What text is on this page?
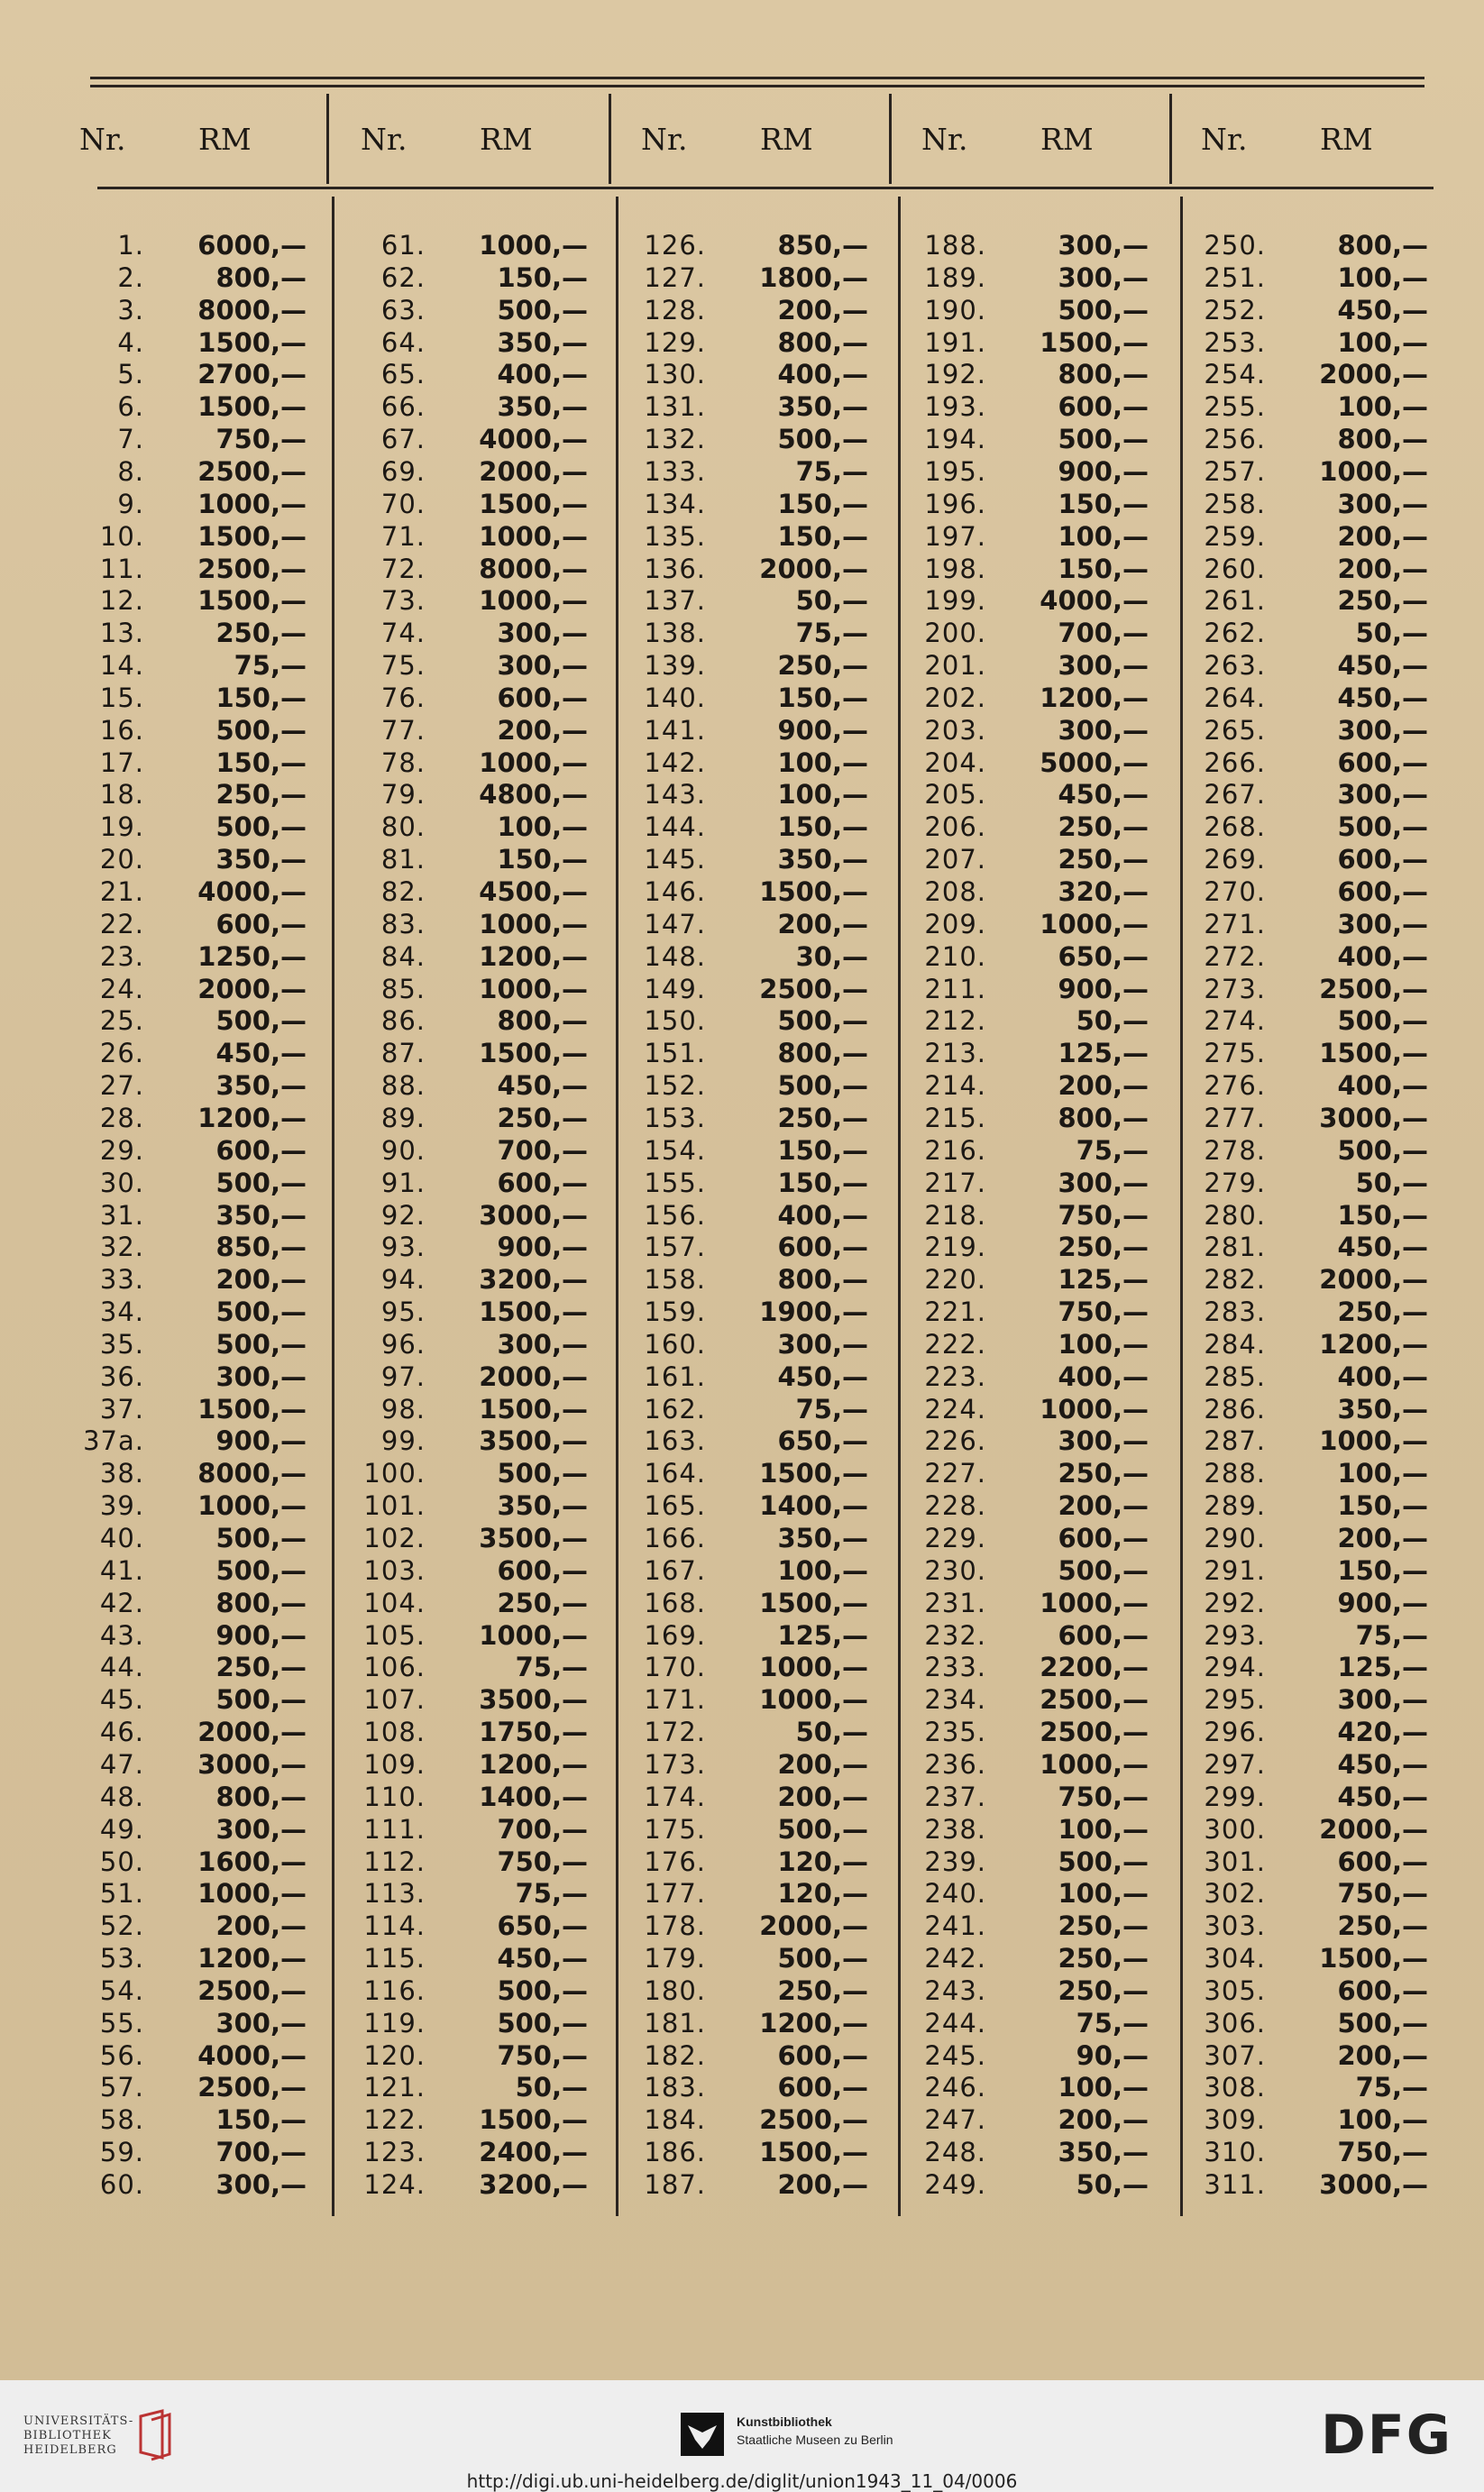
Nr. RM	Nr. RM	Nr. RM	Nr. RM	Nr. RM
1.	6000,—
2.	800,—
3.	8000,—
4.	1500,—
5.	2700,—
6.	1500,—
7.	750,—
8.	2500,—
9.	1000,—
10.	1500,—
11.	2500,—
12.	1500,—
13.	250,—
14.	75,—
15.	150,—
16.	500,—
17.	150,—
18.	250,—
19.	500,—
20.	350,—
21.	4000,—
22.	600,—
23.	1250,—
24.	2000,—
25.	500,—
26.	450,—
27.	350,—
28.	1200,—
29.	600,—
30.	500,—
31.	350,—
32.	850,—
33.	200,—
34.	500,—
35.	500,—
36.	300,—
37.	1500,—
37a.	900,—
38.	8000,—
39.	1000,—
40.	500,—
41.	500,—
42.	800,—
43.	900,—
44.	250,—
45.	500,—
46.	2000,—
47.	3000,—
48.	800,—
49.	300,—
50.	1600,—
51.	1000,—
52.	200,—
53.	1200,—
54.	2500,—
55.	300,—
56.	4000,—
57.	2500,—
58.	150,—
59.	700,—
60.	300,—
61.	1000,—
62.	150,—
63.	500,—
64.	350,—
65.	400,—
66.	350,—
67.	4000,—
69.	2000,—
70.	1500,—
71.	1000,—
72.	8000,—
73.	1000,—
74.	300,—
75.	300,—
76.	600,—
77.	200,—
78.	1000,—
79.	4800,—
80.	100,—
81.	150,—
82.	4500,—
83.	1000,—
84.	1200,—
85.	1000,—
86.	800,—
87.	1500,—
88.	450,—
89.	250,—
90.	700,—
91.	600,—
92.	3000,—
93.	900,—
94.	3200,—
95.	1500,—
96.	300,—
97.	2000,—
98.	1500,—
99.	3500,—
100.	500,—
101.	350,—
102.	3500,—
103.	600,—
104.	250,—
105.	1000,—
106.	75,—
107.	3500,—
108.	1750,—
109.	1200,—
110.	1400,—
111.	700,—
112.	750,—
113.	75,—
114.	650,—
115.	450,—
116.	500,—
119.	500,—
120.	750,—
121.	50,—
122.	1500,—
123.	2400,—
124.	3200,—
126.	850,—
127.	1800,—
128.	200,—
129.	800,—
130.	400,—
131.	350,—
132.	500,—
133.	75,—
134.	150,—
135.	150,—
136.	2000,—
137.	50,—
138.	75,—
139.	250,—
140.	150,—
141.	900,—
142.	100,—
143.	100,—
144.	150,—
145.	350,—
146.	1500,—
147.	200,—
148.	30,—
149.	2500,—
150.	500,—
151.	800,—
152.	500,—
153.	250,—
154.	150,—
155.	150,—
156.	400,—
157.	600,—
158.	800,—
159.	1900,—
160.	300,—
161.	450,—
162.	75,—
163.	650,—
164.	1500,—
165.	1400,—
166.	350,—
167.	100,—
168.	1500,—
169.	125,—
170.	1000,—
171.	1000,—
172.	50,—
173.	200,—
174.	200,—
175.	500,—
176.	120,—
177.	120,—
178.	2000,—
179.	500,—
180.	250,—
181.	1200,—
182.	600,—
183.	600,—
184.	2500,—
186.	1500,—
187.	200,—
188.	300,—
189.	300,—
190.	500,—
191.	1500,—
192.	800,—
193.	600,—
194.	500,—
195.	900,—
196.	150,—
197.	100,—
198.	150,—
199.	4000,—
200.	700,—
201.	300,—
202.	1200,—
203.	300,—
204.	5000,—
205.	450,—
206.	250,—
207.	250,—
208.	320,—
209.	1000,—
210.	650,—
211.	900,—
212.	50,—
213.	125,—
214.	200,—
215.	800,—
216.	75,—
217.	300,—
218.	750,—
219.	250,—
220.	125,—
221.	750,—
222.	100,—
223.	400,—
224.	1000,—
226.	300,—
227.	250,—
228.	200,—
229.	600,—
230.	500,—
231.	1000,—
232.	600,—
233.	2200,—
234.	2500,—
235.	2500,—
236.	1000,—
237.	750,—
238.	100,—
239.	500,—
240.	100,—
241.	250,—
242.	250,—
243.	250,—
244.	75,—
245.	90,—
246.	100,—
247.	200,—
248.	350,—
249.	50,—
250.	800,—
251.	100,—
252.	450,—
253.	100,—
254.	2000,—
255.	100,—
256.	800,—
257.	1000,—
258.	300,—
259.	200,—
260.	200,—
261.	250,—
262.	50,—
263.	450,—
264.	450,—
265.	300,—
266.	600,—
267.	300,—
268.	500,—
269.	600,—
270.	600,—
271.	300,—
272.	400,—
273.	2500,—
274.	500,—
275.	1500,—
276.	400,—
277.	3000,—
278.	500,—
279.	50,—
280.	150,—
281.	450,—
282.	2000,—
283.	250,—
284.	1200,—
285.	400,—
286.	350,—
287.	1000,—
288.	100,—
289.	150,—
290.	200,—
291.	150,—
292.	900,—
293.	75,—
294.	125,—
295.	300,—
296.	420,—
297.	450,—
299.	450,—
300.	2000,—
301.	600,—
302.	750,—
303.	250,—
304.	1500,—
305.	600,—
306.	500,—
307.	200,—
308.	75,—
309.	100,—
310.	750,—
311.	3000,—
UNIVERSITÄTS-
BIBLIOTHEK
HEIDELBERG
Kunstbibliothek
Staatliche Museen zu Berlin	DFG
http://digi.ub.uni-heidelberg.de/diglit/union1943_11_04/0006
